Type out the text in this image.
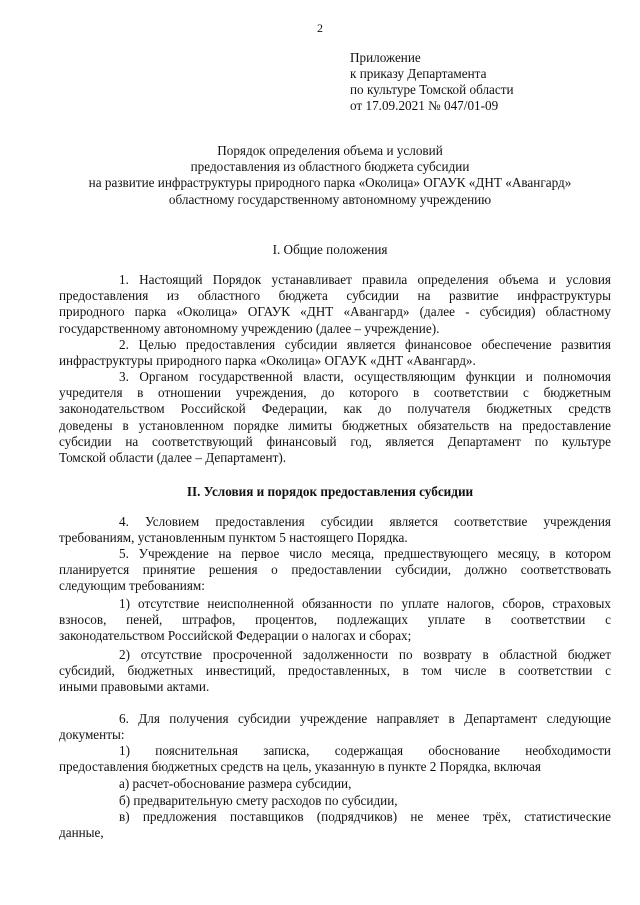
2
Приложение
к приказу Департамента
по культуре Томской области
от 17.09.2021 № 047/01-09
Порядок определения объема и условий
предоставления из областного бюджета субсидии
на развитие инфраструктуры природного парка «Околица» ОГАУК «ДНТ «Авангард»
областному государственному автономному учреждению
I. Общие положения
1. Настоящий Порядок устанавливает правила определения объема и условия
предоставления из областного бюджета субсидии на развитие инфраструктуры
природного парка «Околица» ОГАУК «ДНТ «Авангард» (далее - субсидия) областному
государственному автономному учреждению (далее – учреждение).
2. Целью предоставления субсидии является финансовое обеспечение развития
инфраструктуры природного парка «Околица» ОГАУК «ДНТ «Авангард».
3. Органом государственной власти, осуществляющим функции и полномочия
учредителя в отношении учреждения, до которого в соответствии с бюджетным
законодательством Российской Федерации, как до получателя бюджетных средств
доведены в установленном порядке лимиты бюджетных обязательств на предоставление
субсидии на соответствующий финансовый год, является Департамент по культуре
Томской области (далее – Департамент).
II. Условия и порядок предоставления субсидии
4. Условием предоставления субсидии является соответствие учреждения
требованиям, установленным пунктом 5 настоящего Порядка.
5. Учреждение на первое число месяца, предшествующего месяцу, в котором
планируется принятие решения о предоставлении субсидии, должно соответствовать
следующим требованиям:
1) отсутствие неисполненной обязанности по уплате налогов, сборов, страховых
взносов, пеней, штрафов, процентов, подлежащих уплате в соответствии с
законодательством Российской Федерации о налогах и сборах;
2) отсутствие просроченной задолженности по возврату в областной бюджет
субсидий, бюджетных инвестиций, предоставленных, в том числе в соответствии с
иными правовыми актами.
6. Для получения субсидии учреждение направляет в Департамент следующие
документы:
1) пояснительная записка, содержащая обоснование необходимости
предоставления бюджетных средств на цель, указанную в пункте 2 Порядка, включая
а) расчет-обоснование размера субсидии,
б) предварительную смету расходов по субсидии,
в) предложения поставщиков (подрядчиков) не менее трёх, статистические
данные,
